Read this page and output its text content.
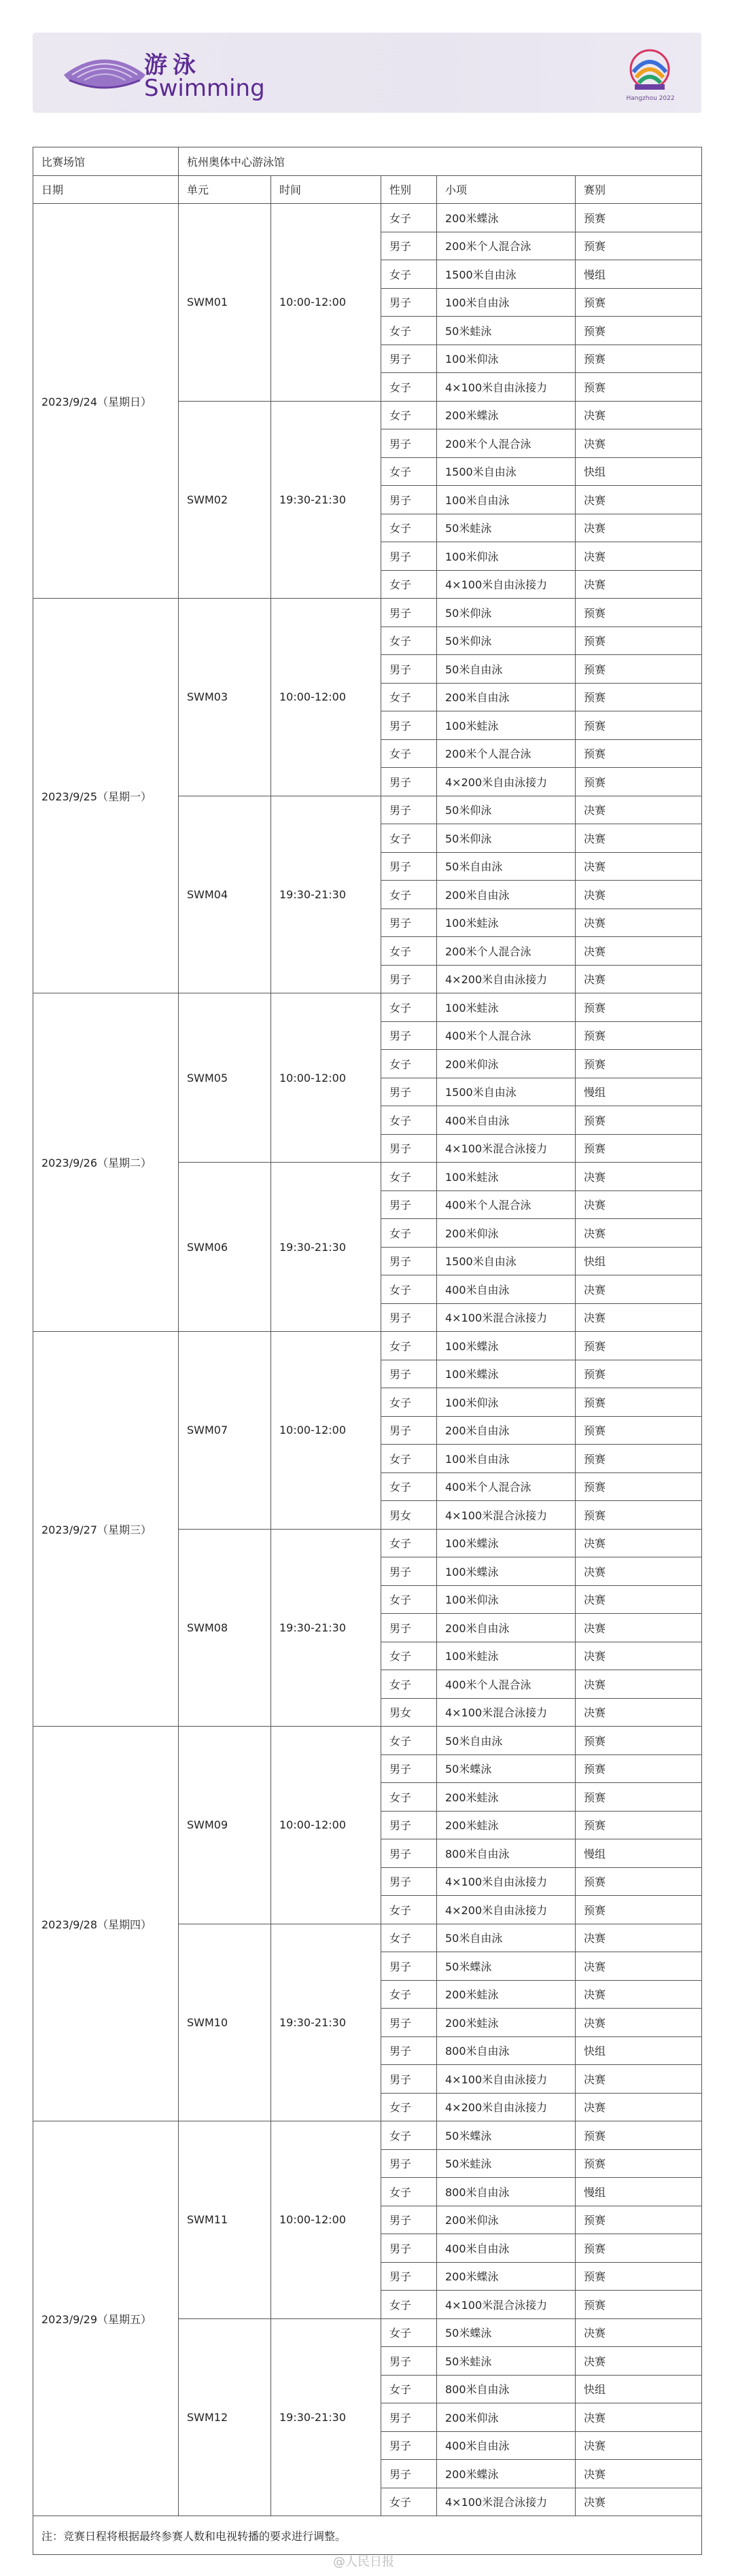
游泳
Swimming	Hangzhou 2022
比赛场馆	杭州奥体中心游泳馆				
日期	单元	时间	性别	小项	赛别
2023/9/24（星期日）	SWM01	10:00-12:00	女子	200米蝶泳	预赛
			男子	200米个人混合泳	预赛
			女子	1500米自由泳	慢组
			男子	100米自由泳	预赛
			女子	50米蛙泳	预赛
			男子	100米仰泳	预赛
			女子	4×100米自由泳接力	预赛
	SWM02	19:30-21:30	女子	200米蝶泳	决赛
			男子	200米个人混合泳	决赛
			女子	1500米自由泳	快组
			男子	100米自由泳	决赛
			女子	50米蛙泳	决赛
			男子	100米仰泳	决赛
			女子	4×100米自由泳接力	决赛
2023/9/25（星期一）	SWM03	10:00-12:00	男子	50米仰泳	预赛
			女子	50米仰泳	预赛
			男子	50米自由泳	预赛
			女子	200米自由泳	预赛
			男子	100米蛙泳	预赛
			女子	200米个人混合泳	预赛
			男子	4×200米自由泳接力	预赛
	SWM04	19:30-21:30	男子	50米仰泳	决赛
			女子	50米仰泳	决赛
			男子	50米自由泳	决赛
			女子	200米自由泳	决赛
			男子	100米蛙泳	决赛
			女子	200米个人混合泳	决赛
			男子	4×200米自由泳接力	决赛
2023/9/26（星期二）	SWM05	10:00-12:00	女子	100米蛙泳	预赛
			男子	400米个人混合泳	预赛
			女子	200米仰泳	预赛
			男子	1500米自由泳	慢组
			女子	400米自由泳	预赛
			男子	4×100米混合泳接力	预赛
	SWM06	19:30-21:30	女子	100米蛙泳	决赛
			男子	400米个人混合泳	决赛
			女子	200米仰泳	决赛
			男子	1500米自由泳	快组
			女子	400米自由泳	决赛
			男子	4×100米混合泳接力	决赛
2023/9/27（星期三）	SWM07	10:00-12:00	女子	100米蝶泳	预赛
			男子	100米蝶泳	预赛
			女子	100米仰泳	预赛
			男子	200米自由泳	预赛
			女子	100米自由泳	预赛
			女子	400米个人混合泳	预赛
			男女	4×100米混合泳接力	预赛
	SWM08	19:30-21:30	女子	100米蝶泳	决赛
			男子	100米蝶泳	决赛
			女子	100米仰泳	决赛
			男子	200米自由泳	决赛
			女子	100米蛙泳	决赛
			女子	400米个人混合泳	决赛
			男女	4×100米混合泳接力	决赛
2023/9/28（星期四）	SWM09	10:00-12:00	女子	50米自由泳	预赛
			男子	50米蝶泳	预赛
			女子	200米蛙泳	预赛
			男子	200米蛙泳	预赛
			男子	800米自由泳	慢组
			男子	4×100米自由泳接力	预赛
			女子	4×200米自由泳接力	预赛
	SWM10	19:30-21:30	女子	50米自由泳	决赛
			男子	50米蝶泳	决赛
			女子	200米蛙泳	决赛
			男子	200米蛙泳	决赛
			男子	800米自由泳	快组
			男子	4×100米自由泳接力	决赛
			女子	4×200米自由泳接力	决赛
2023/9/29（星期五）	SWM11	10:00-12:00	女子	50米蝶泳	预赛
			男子	50米蛙泳	预赛
			女子	800米自由泳	慢组
			男子	200米仰泳	预赛
			男子	400米自由泳	预赛
			男子	200米蝶泳	预赛
			女子	4×100米混合泳接力	预赛
	SWM12	19:30-21:30	女子	50米蝶泳	决赛
			男子	50米蛙泳	决赛
			女子	800米自由泳	快组
			男子	200米仰泳	决赛
			男子	400米自由泳	决赛
			男子	200米蝶泳	决赛
			女子	4×100米混合泳接力	决赛
注：竞赛日程将根据最终参赛人数和电视转播的要求进行调整。					
@人民日报
